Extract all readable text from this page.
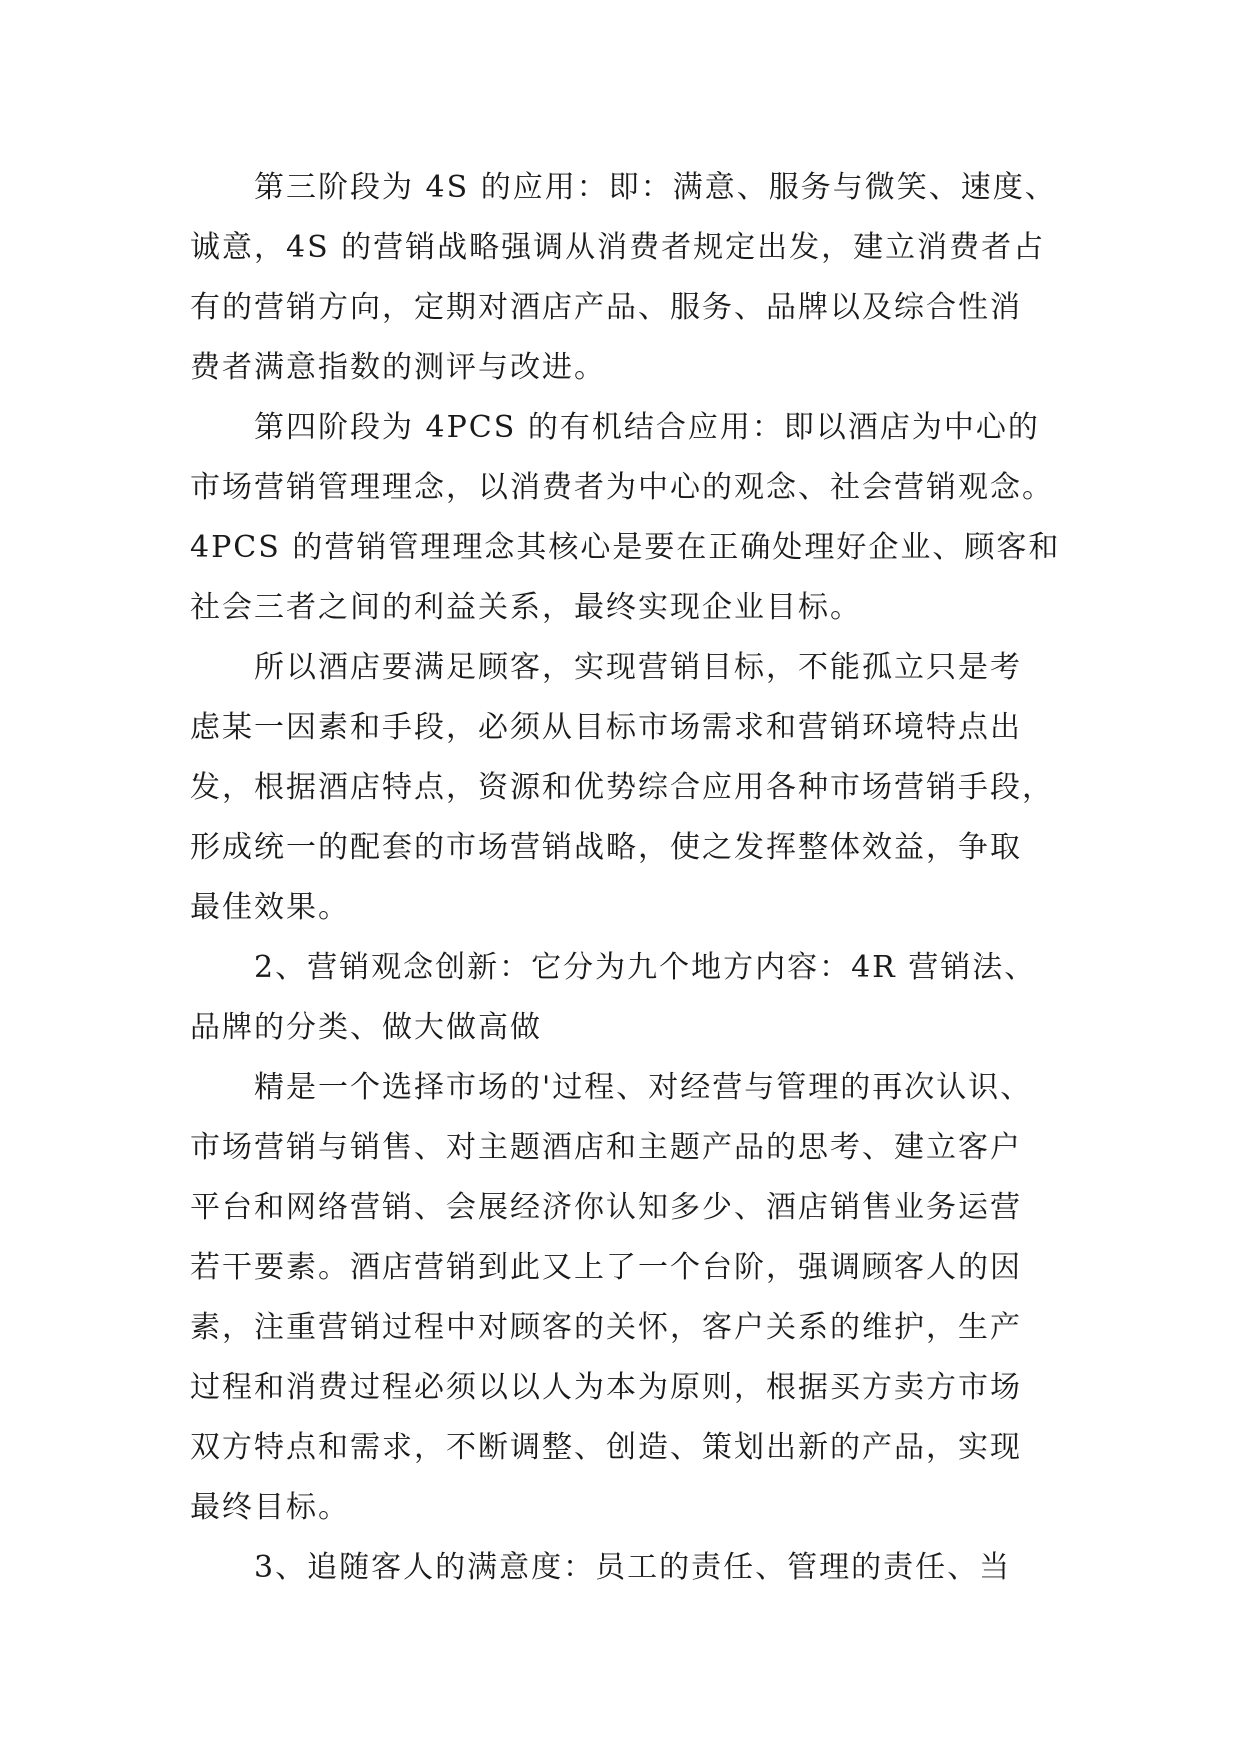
第三阶段为 4S 的应用：即：满意、服务与微笑、速度、
诚意，4S 的营销战略强调从消费者规定出发，建立消费者占
有的营销方向，定期对酒店产品、服务、品牌以及综合性消
费者满意指数的测评与改进。
第四阶段为 4PCS 的有机结合应用：即以酒店为中心的
市场营销管理理念，以消费者为中心的观念、社会营销观念。
4PCS 的营销管理理念其核心是要在正确处理好企业、顾客和
社会三者之间的利益关系，最终实现企业目标。
所以酒店要满足顾客，实现营销目标，不能孤立只是考
虑某一因素和手段，必须从目标市场需求和营销环境特点出
发，根据酒店特点，资源和优势综合应用各种市场营销手段，
形成统一的配套的市场营销战略，使之发挥整体效益，争取
最佳效果。
2、营销观念创新：它分为九个地方内容：4R 营销法、
品牌的分类、做大做高做
精是一个选择市场的'过程、对经营与管理的再次认识、
市场营销与销售、对主题酒店和主题产品的思考、建立客户
平台和网络营销、会展经济你认知多少、酒店销售业务运营
若干要素。酒店营销到此又上了一个台阶，强调顾客人的因
素，注重营销过程中对顾客的关怀，客户关系的维护，生产
过程和消费过程必须以以人为本为原则，根据买方卖方市场
双方特点和需求，不断调整、创造、策划出新的产品，实现
最终目标。
3、追随客人的满意度：员工的责任、管理的责任、当
